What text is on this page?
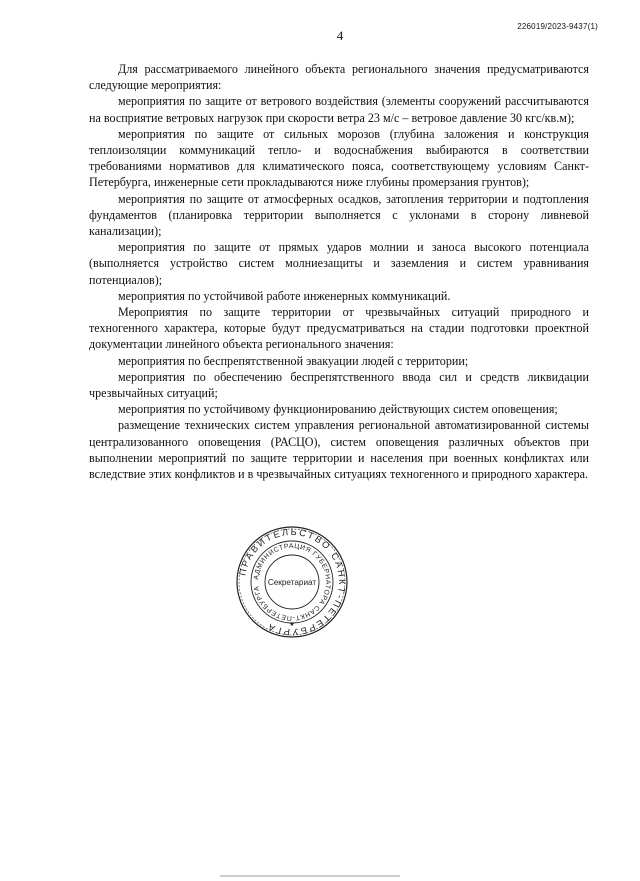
4
226019/2023-9437(1)

Для рассматриваемого линейного объекта регионального значения предусматриваются следующие мероприятия:

мероприятия по защите от ветрового воздействия (элементы сооружений рассчитываются на восприятие ветровых нагрузок при скорости ветра 23 м/с – ветровое давление 30 кгс/кв.м);

мероприятия по защите от сильных морозов (глубина заложения и конструкция теплоизоляции коммуникаций тепло- и водоснабжения выбираются в соответствии требованиями нормативов для климатического пояса, соответствующему условиям Санкт-Петербурга, инженерные сети прокладываются ниже глубины промерзания грунтов);

мероприятия по защите от атмосферных осадков, затопления территории и подтопления фундаментов (планировка территории выполняется с уклонами в сторону ливневой канализации);

мероприятия по защите от прямых ударов молнии и заноса высокого потенциала (выполняется устройство систем молниезащиты и заземления и систем уравнивания потенциалов);

мероприятия по устойчивой работе инженерных коммуникаций.

Мероприятия по защите территории от чрезвычайных ситуаций природного и техногенного характера, которые будут предусматриваться на стадии подготовки проектной документации линейного объекта регионального значения:

мероприятия по беспрепятственной эвакуации людей с территории;

мероприятия по обеспечению беспрепятственного ввода сил и средств ликвидации чрезвычайных ситуаций;

мероприятия по устойчивому функционированию действующих систем оповещения;

размещение технических систем управления региональной автоматизированной системы централизованного оповещения (РАСЦО), систем оповещения различных объектов при выполнении мероприятий по защите территории и населения при военных конфликтах или вследствие этих конфликтов и в чрезвычайных ситуациях техногенного и природного характера.

ПРАВИТЕЛЬСТВО САНКТ-ПЕТЕРБУРГА
АДМИНИСТРАЦИЯ ГУБЕРНАТОРА САНКТ-ПЕТЕРБУРГА
Секретариат
★
